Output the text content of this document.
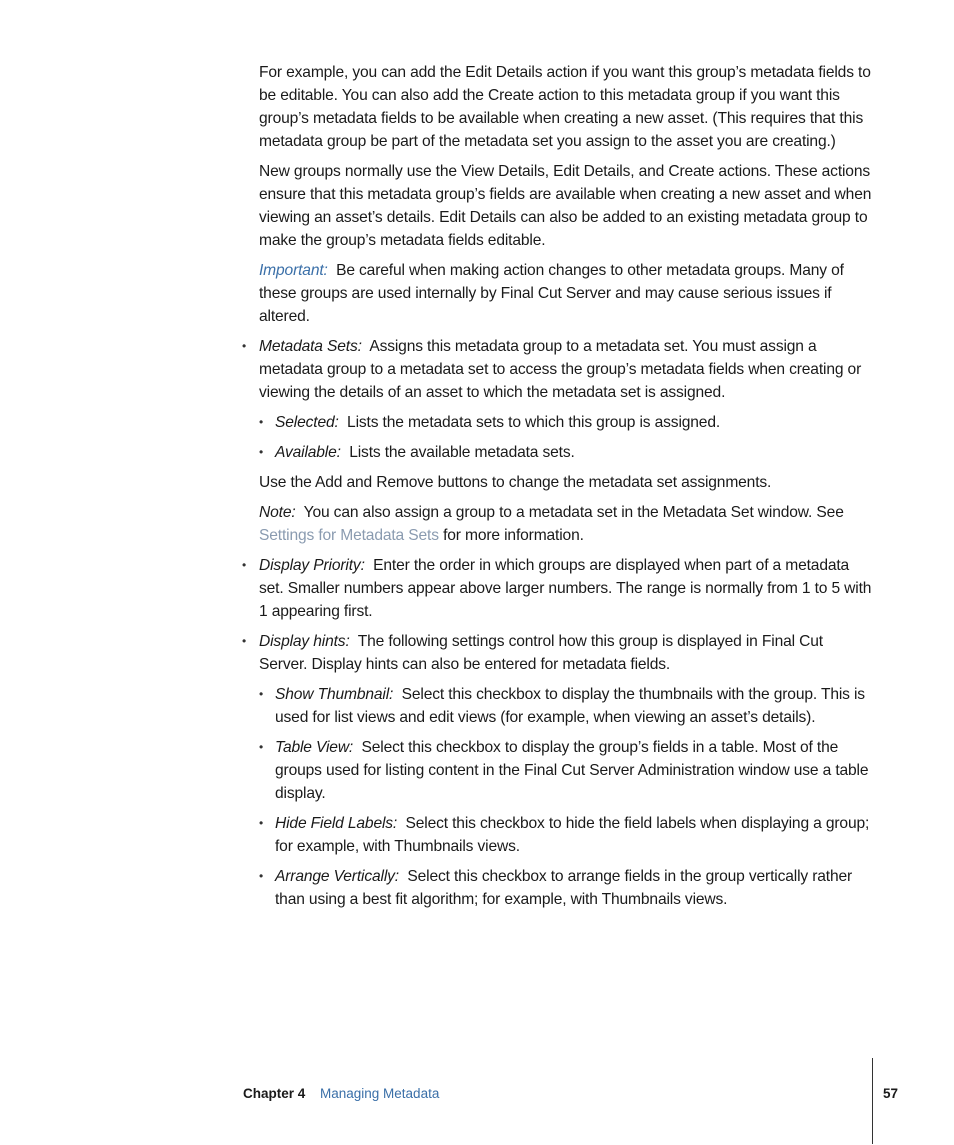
For example, you can add the Edit Details action if you want this group’s metadata fields to be editable. You can also add the Create action to this metadata group if you want this group’s metadata fields to be available when creating a new asset. (This requires that this metadata group be part of the metadata set you assign to the asset you are creating.)

New groups normally use the View Details, Edit Details, and Create actions. These actions ensure that this metadata group’s fields are available when creating a new asset and when viewing an asset’s details. Edit Details can also be added to an existing metadata group to make the group’s metadata fields editable.

Important: Be careful when making action changes to other metadata groups. Many of these groups are used internally by Final Cut Server and may cause serious issues if altered.

• Metadata Sets: Assigns this metadata group to a metadata set. You must assign a metadata group to a metadata set to access the group’s metadata fields when creating or viewing the details of an asset to which the metadata set is assigned.

• Selected: Lists the metadata sets to which this group is assigned.

• Available: Lists the available metadata sets.

Use the Add and Remove buttons to change the metadata set assignments.

Note: You can also assign a group to a metadata set in the Metadata Set window. See
Settings for Metadata Sets for more information.

• Display Priority: Enter the order in which groups are displayed when part of a metadata set. Smaller numbers appear above larger numbers. The range is normally from 1 to 5 with 1 appearing first.

• Display hints: The following settings control how this group is displayed in Final Cut Server. Display hints can also be entered for metadata fields.

• Show Thumbnail: Select this checkbox to display the thumbnails with the group. This is used for list views and edit views (for example, when viewing an asset’s details).

• Table View: Select this checkbox to display the group’s fields in a table. Most of the groups used for listing content in the Final Cut Server Administration window use a table display.

• Hide Field Labels: Select this checkbox to hide the field labels when displaying a group; for example, with Thumbnails views.

• Arrange Vertically: Select this checkbox to arrange fields in the group vertically rather than using a best fit algorithm; for example, with Thumbnails views.

Chapter 4 Managing Metadata	57
